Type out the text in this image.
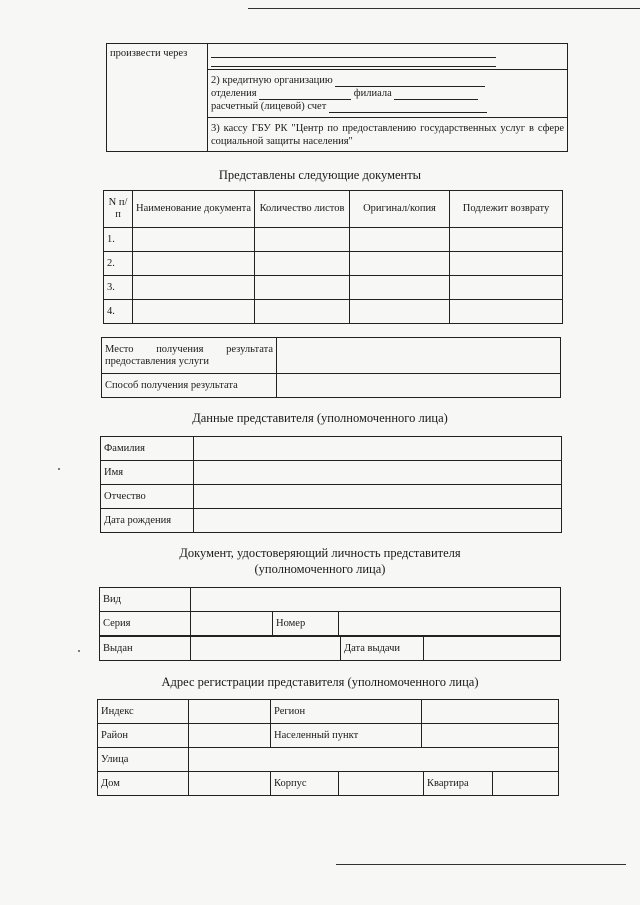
произвести через	

2) кредитную организацию
отделения	филиала
расчетный (лицевой) счет

3) кассу ГБУ РК "Центр по предоставлению государственных услуг в сфере социальной защиты населения"
Представлены следующие документы
N п/п	Наименование документа	Количество листов	Оригинал/копия	Подлежит возврату
1.				
2.				
3.				
4.				
Место получения результата предоставления услуги	
Способ получения результата	
Данные представителя (уполномоченного лица)
Фамилия	
Имя	
Отчество	
Дата рождения	
Документ, удостоверяющий личность представителя
(уполномоченного лица)
Вид			
Серия		Номер	
Выдан		Дата выдачи	
Адрес регистрации представителя (уполномоченного лица)
Индекс		Регион	
Район		Населенный пункт	
Улица			
Дом		Корпус		Квартира	
